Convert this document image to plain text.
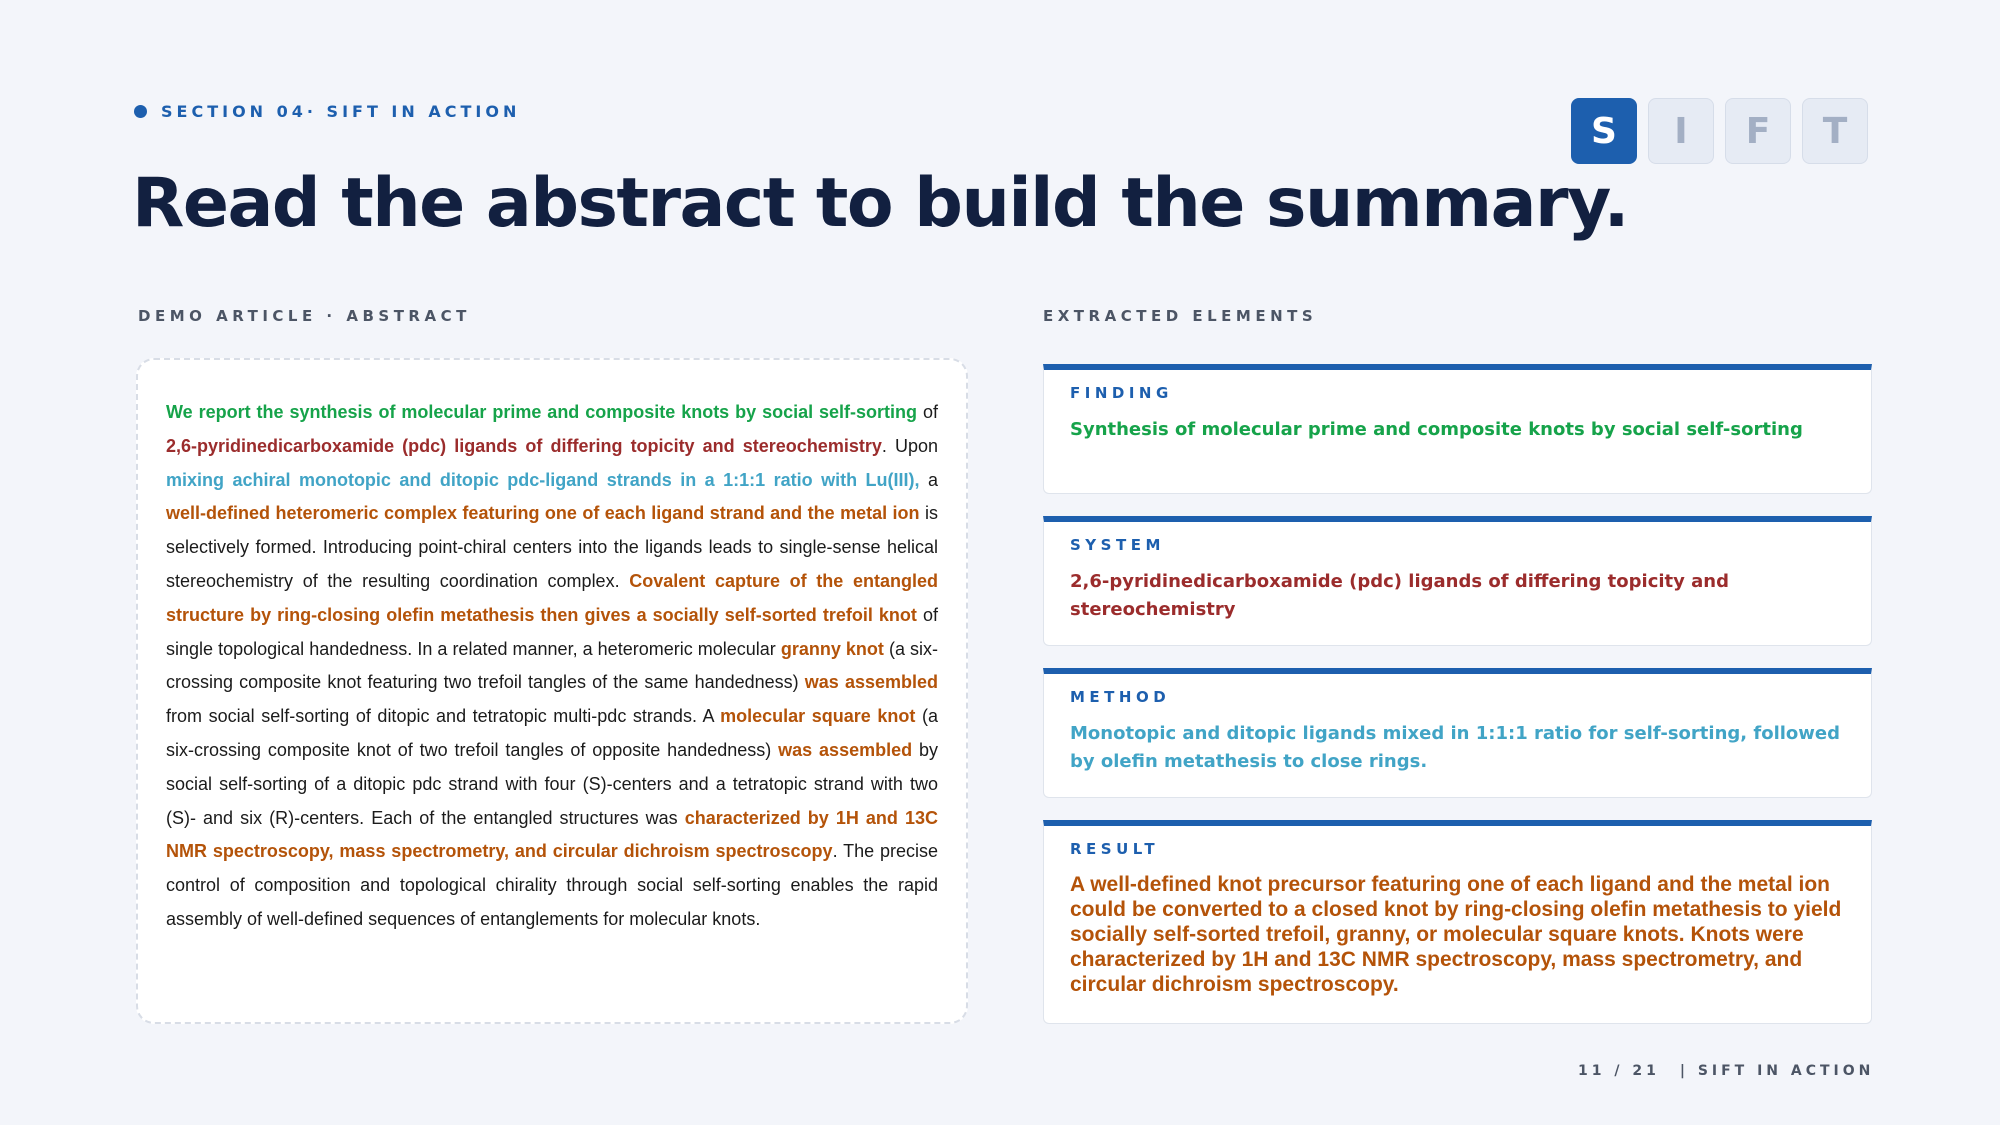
SECTION 04· SIFT IN ACTION
Read the abstract to build the summary.
S	I	F	T
DEMO ARTICLE · ABSTRACT	EXTRACTED ELEMENTS

We report the synthesis of molecular prime and composite knots by social self-sorting of 2,6-pyridinedicarboxamide (pdc) ligands of differing topicity and stereochemistry. Upon mixing achiral monotopic and ditopic pdc-ligand strands in a 1:1:1 ratio with Lu(III), a well-defined heteromeric complex featuring one of each ligand strand and the metal ion is selectively formed. Introducing point-chiral centers into the ligands leads to single-sense helical stereochemistry of the resulting coordination complex. Covalent capture of the entangled structure by ring-closing olefin metathesis then gives a socially self-sorted trefoil knot of single topological handedness. In a related manner, a heteromeric molecular granny knot (a six-crossing composite knot featuring two trefoil tangles of the same handedness) was assembled from social self-sorting of ditopic and tetratopic multi-pdc strands. A molecular square knot (a six-crossing composite knot of two trefoil tangles of opposite handedness) was assembled by social self-sorting of a ditopic pdc strand with four (S)-centers and a tetratopic strand with two (S)- and six (R)-centers. Each of the entangled structures was characterized by 1H and 13C NMR spectroscopy, mass spectrometry, and circular dichroism spectroscopy. The precise control of composition and topological chirality through social self-sorting enables the rapid assembly of well-defined sequences of entanglements for molecular knots.

FINDING
Synthesis of molecular prime and composite knots by social self-sorting
SYSTEM
2,6-pyridinedicarboxamide (pdc) ligands of differing topicity and stereochemistry
METHOD
Monotopic and ditopic ligands mixed in 1:1:1 ratio for self-sorting, followed by olefin metathesis to close rings.
RESULT
A well-defined knot precursor featuring one of each ligand and the metal ion could be converted to a closed knot by ring-closing olefin metathesis to yield socially self-sorted trefoil, granny, or molecular square knots. Knots were characterized by 1H and 13C NMR spectroscopy, mass spectrometry, and circular dichroism spectroscopy.
11 / 21 | SIFT IN ACTION
